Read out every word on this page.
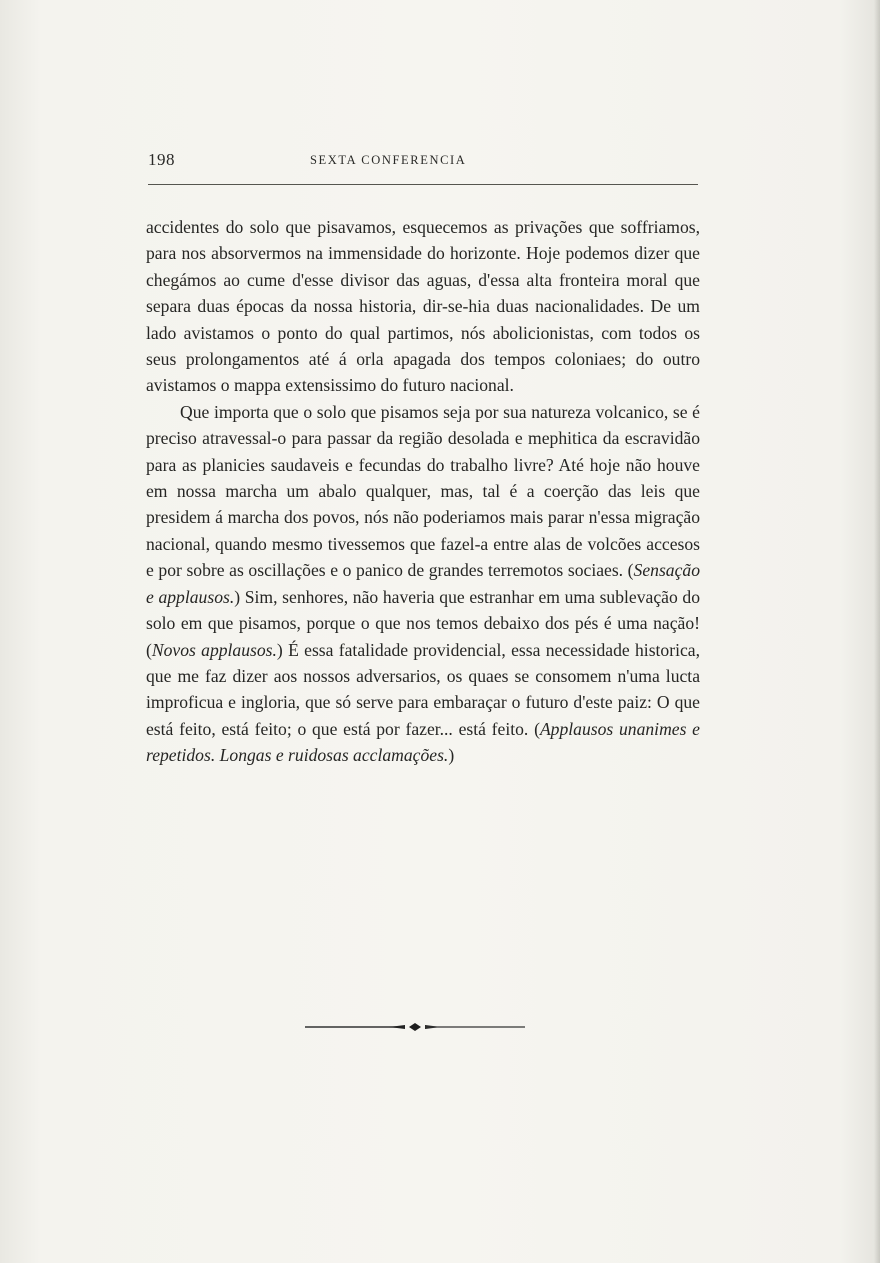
198	SEXTA CONFERENCIA

accidentes do solo que pisavamos, esquecemos as privações que soffriamos, para nos absorvermos na immensidade do horizonte. Hoje podemos dizer que chegámos ao cume d'esse divisor das aguas, d'essa alta fronteira moral que separa duas épocas da nossa historia, dir-se-hia duas nacionalidades. De um lado avistamos o ponto do qual partimos, nós abolicionistas, com todos os seus prolongamentos até á orla apagada dos tempos coloniaes; do outro avistamos o mappa extensissimo do futuro nacional.

Que importa que o solo que pisamos seja por sua natureza volcanico, se é preciso atravessal-o para passar da região desolada e mephitica da escravidão para as planicies saudaveis e fecundas do trabalho livre? Até hoje não houve em nossa marcha um abalo qualquer, mas, tal é a coerção das leis que presidem á marcha dos povos, nós não poderiamos mais parar n'essa migração nacional, quando mesmo tivessemos que fazel-a entre alas de volcões accesos e por sobre as oscillações e o panico de grandes terremotos sociaes. (Sensação e applausos.) Sim, senhores, não haveria que estranhar em uma sublevação do solo em que pisamos, porque o que nos temos debaixo dos pés é uma nação! (Novos applausos.) É essa fatalidade providencial, essa necessidade historica, que me faz dizer aos nossos adversarios, os quaes se consomem n'uma lucta improficua e ingloria, que só serve para embaraçar o futuro d'este paiz: O que está feito, está feito; o que está por fazer... está feito. (Applausos unanimes e repetidos. Longas e ruidosas acclamações.)
